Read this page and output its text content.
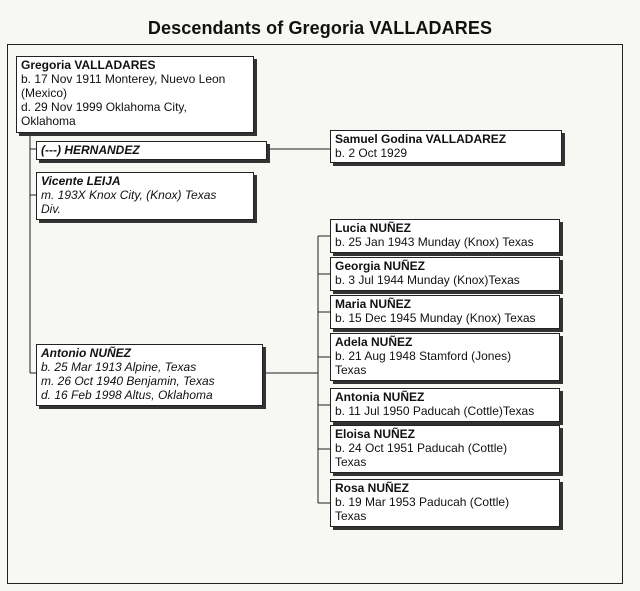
Descendants of Gregoria VALLADARES
Gregoria VALLADARES
b. 17 Nov 1911 Monterey, Nuevo Leon
(Mexico)
d. 29 Nov 1999 Oklahoma City,
Oklahoma
(---) HERNANDEZ
Vicente LEIJA
m. 193X Knox City, (Knox) Texas
Div.
Antonio NUÑEZ
b. 25 Mar 1913 Alpine, Texas
m. 26 Oct 1940 Benjamin, Texas
d. 16 Feb 1998 Altus, Oklahoma
Samuel Godina VALLADAREZ
b. 2 Oct 1929
Lucia NUÑEZ
b. 25 Jan 1943 Munday (Knox) Texas
Georgia NUÑEZ
b. 3 Jul 1944 Munday (Knox)Texas
Maria NUÑEZ
b. 15 Dec 1945 Munday (Knox) Texas
Adela NUÑEZ
b. 21 Aug 1948 Stamford (Jones)
Texas
Antonia NUÑEZ
b. 11 Jul 1950 Paducah (Cottle)Texas
Eloisa NUÑEZ
b. 24 Oct 1951 Paducah (Cottle)
Texas
Rosa NUÑEZ
b. 19 Mar 1953 Paducah (Cottle)
Texas
